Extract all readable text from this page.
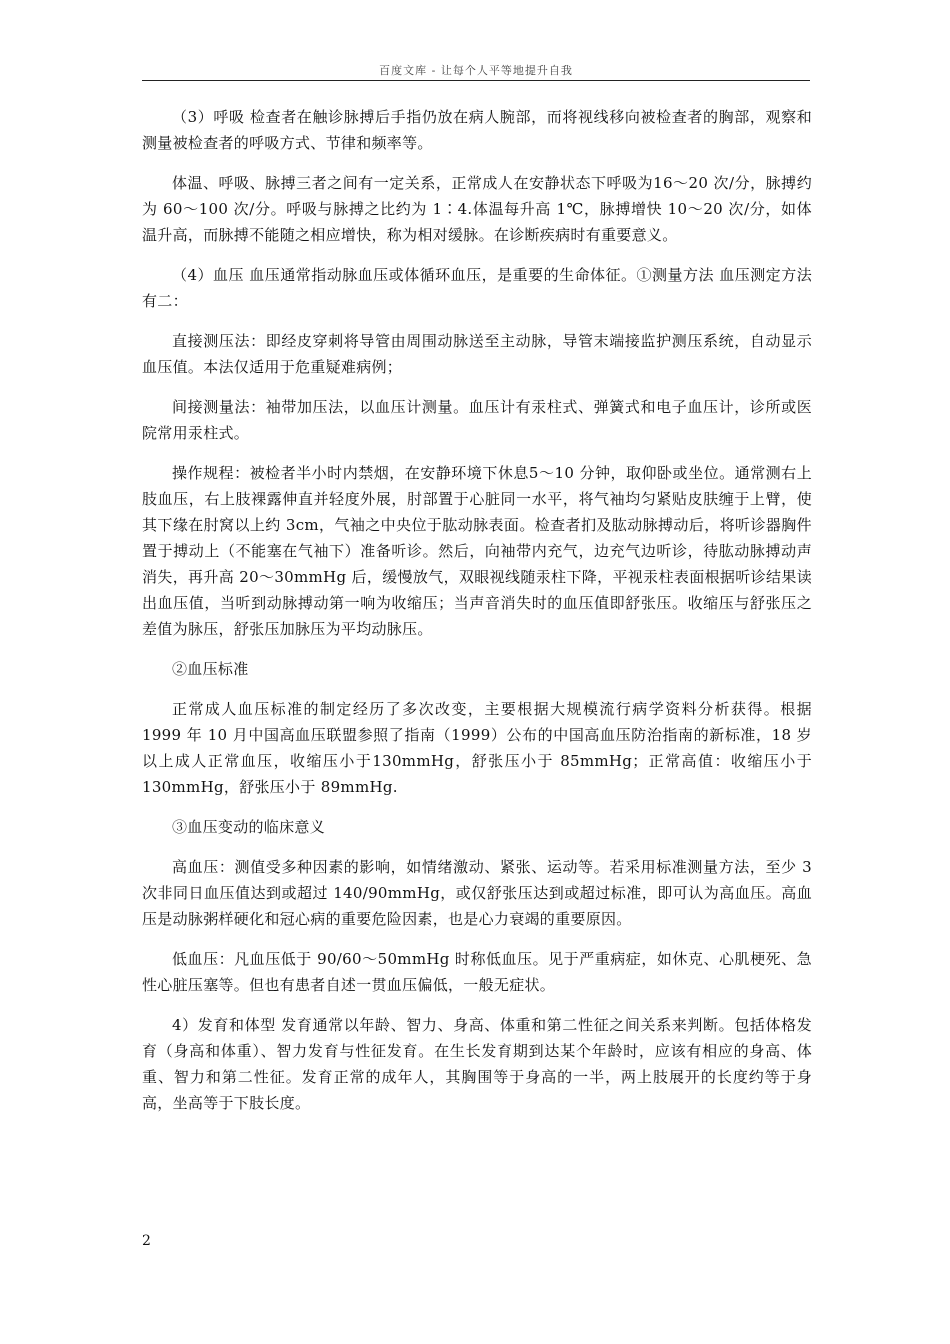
百度文库 - 让每个人平等地提升自我

（3）呼吸 检查者在触诊脉搏后手指仍放在病人腕部，而将视线移向被检查者的胸部，观察和测量被检查者的呼吸方式、节律和频率等。

体温、呼吸、脉搏三者之间有一定关系，正常成人在安静状态下呼吸为16～20 次/分，脉搏约为 60～100 次/分。呼吸与脉搏之比约为 1∶4.体温每升高 1℃，脉搏增快 10～20 次/分，如体温升高，而脉搏不能随之相应增快，称为相对缓脉。在诊断疾病时有重要意义。

（4）血压 血压通常指动脉血压或体循环血压，是重要的生命体征。①测量方法 血压测定方法有二：

直接测压法：即经皮穿刺将导管由周围动脉送至主动脉，导管末端接监护测压系统，自动显示血压值。本法仅适用于危重疑难病例；

间接测量法：袖带加压法，以血压计测量。血压计有汞柱式、弹簧式和电子血压计，诊所或医院常用汞柱式。

操作规程：被检者半小时内禁烟，在安静环境下休息5～10 分钟，取仰卧或坐位。通常测右上肢血压，右上肢裸露伸直并轻度外展，肘部置于心脏同一水平，将气袖均匀紧贴皮肤缠于上臂，使其下缘在肘窝以上约 3cm，气袖之中央位于肱动脉表面。检查者扪及肱动脉搏动后，将听诊器胸件置于搏动上（不能塞在气袖下）准备听诊。然后，向袖带内充气，边充气边听诊，待肱动脉搏动声消失，再升高 20～30mmHg 后，缓慢放气，双眼视线随汞柱下降，平视汞柱表面根据听诊结果读出血压值，当听到动脉搏动第一响为收缩压；当声音消失时的血压值即舒张压。收缩压与舒张压之差值为脉压，舒张压加脉压为平均动脉压。

②血压标准

正常成人血压标准的制定经历了多次改变，主要根据大规模流行病学资料分析获得。根据 1999 年 10 月中国高血压联盟参照了指南（1999）公布的中国高血压防治指南的新标准，18 岁以上成人正常血压，收缩压小于130mmHg，舒张压小于 85mmHg；正常高值：收缩压小于 130mmHg，舒张压小于 89mmHg.

③血压变动的临床意义

高血压：测值受多种因素的影响，如情绪激动、紧张、运动等。若采用标准测量方法，至少 3 次非同日血压值达到或超过 140/90mmHg，或仅舒张压达到或超过标准，即可认为高血压。高血压是动脉粥样硬化和冠心病的重要危险因素，也是心力衰竭的重要原因。

低血压：凡血压低于 90/60～50mmHg 时称低血压。见于严重病症，如休克、心肌梗死、急性心脏压塞等。但也有患者自述一贯血压偏低，一般无症状。

4）发育和体型 发育通常以年龄、智力、身高、体重和第二性征之间关系来判断。包括体格发育（身高和体重）、智力发育与性征发育。在生长发育期到达某个年龄时，应该有相应的身高、体重、智力和第二性征。发育正常的成年人，其胸围等于身高的一半，两上肢展开的长度约等于身高，坐高等于下肢长度。

2
